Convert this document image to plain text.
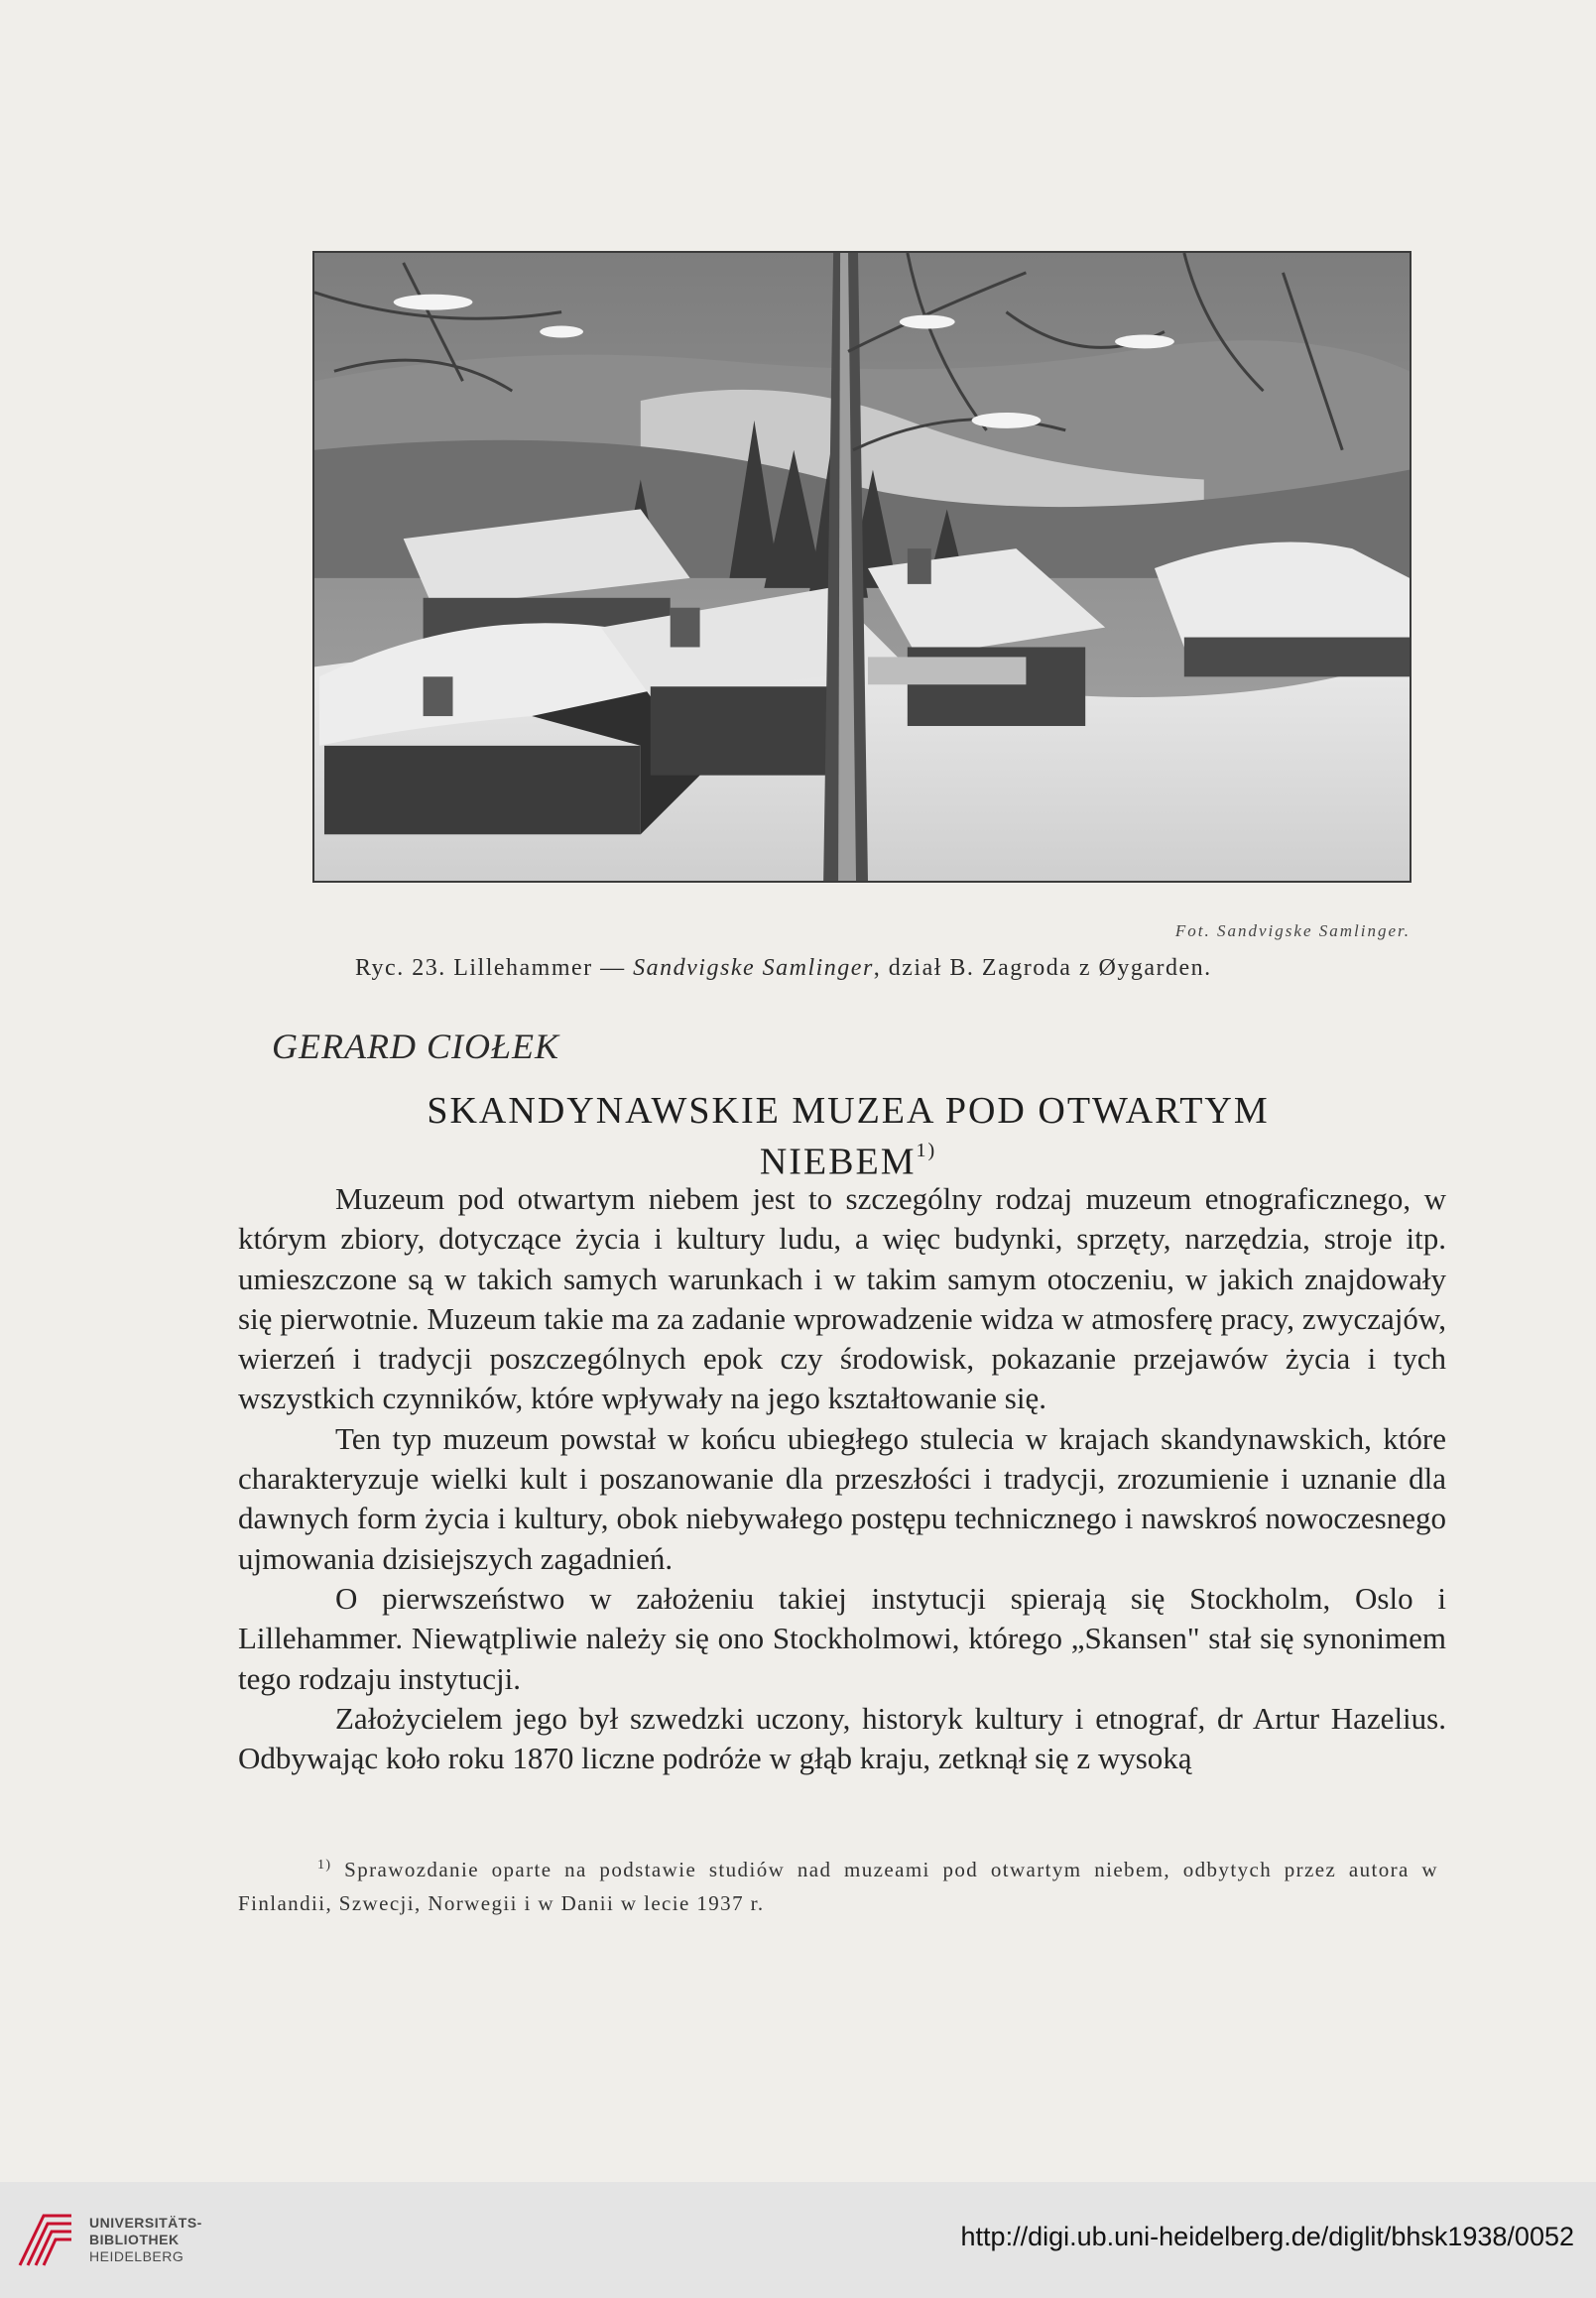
Fot. Sandvigske Samlinger.
Ryc. 23. Lillehammer — Sandvigske Samlinger, dział B. Zagroda z Øygarden.
GERARD CIOŁEK
SKANDYNAWSKIE MUZEA POD OTWARTYM
NIEBEM$^{1)}$

Muzeum pod otwartym niebem jest to szczególny rodzaj muzeum etnograficznego, w którym zbiory, dotyczące życia i kultury ludu, a więc budynki, sprzęty, narzędzia, stroje itp. umieszczone są w takich samych warunkach i w takim samym otoczeniu, w jakich znajdowały się pierwotnie. Muzeum takie ma za zadanie wprowadzenie widza w atmosferę pracy, zwyczajów, wierzeń i tradycji poszczególnych epok czy środowisk, pokazanie przejawów życia i tych wszystkich czynników, które wpływały na jego kształtowanie się.

Ten typ muzeum powstał w końcu ubiegłego stulecia w krajach skandynawskich, które charakteryzuje wielki kult i poszanowanie dla przeszłości i tradycji, zrozumienie i uznanie dla dawnych form życia i kultury, obok niebywałego postępu technicznego i nawskroś nowoczesnego ujmowania dzisiejszych zagadnień.

O pierwszeństwo w założeniu takiej instytucji spierają się Stockholm, Oslo i Lillehammer. Niewątpliwie należy się ono Stockholmowi, którego „Skansen" stał się synonimem tego rodzaju instytucji.

Założycielem jego był szwedzki uczony, historyk kultury i etnograf, dr Artur Hazelius. Odbywając koło roku 1870 liczne podróże w głąb kraju, zetknął się z wysoką

$^{1)}$ Sprawozdanie oparte na podstawie studiów nad muzeami pod otwartym niebem, odbytych przez autora w Finlandii, Szwecji, Norwegii i w Danii w lecie 1937 r.
UNIVERSITÄTS-
BIBLIOTHEK
HEIDELBERG
http://digi.ub.uni-heidelberg.de/diglit/bhsk1938/0052
